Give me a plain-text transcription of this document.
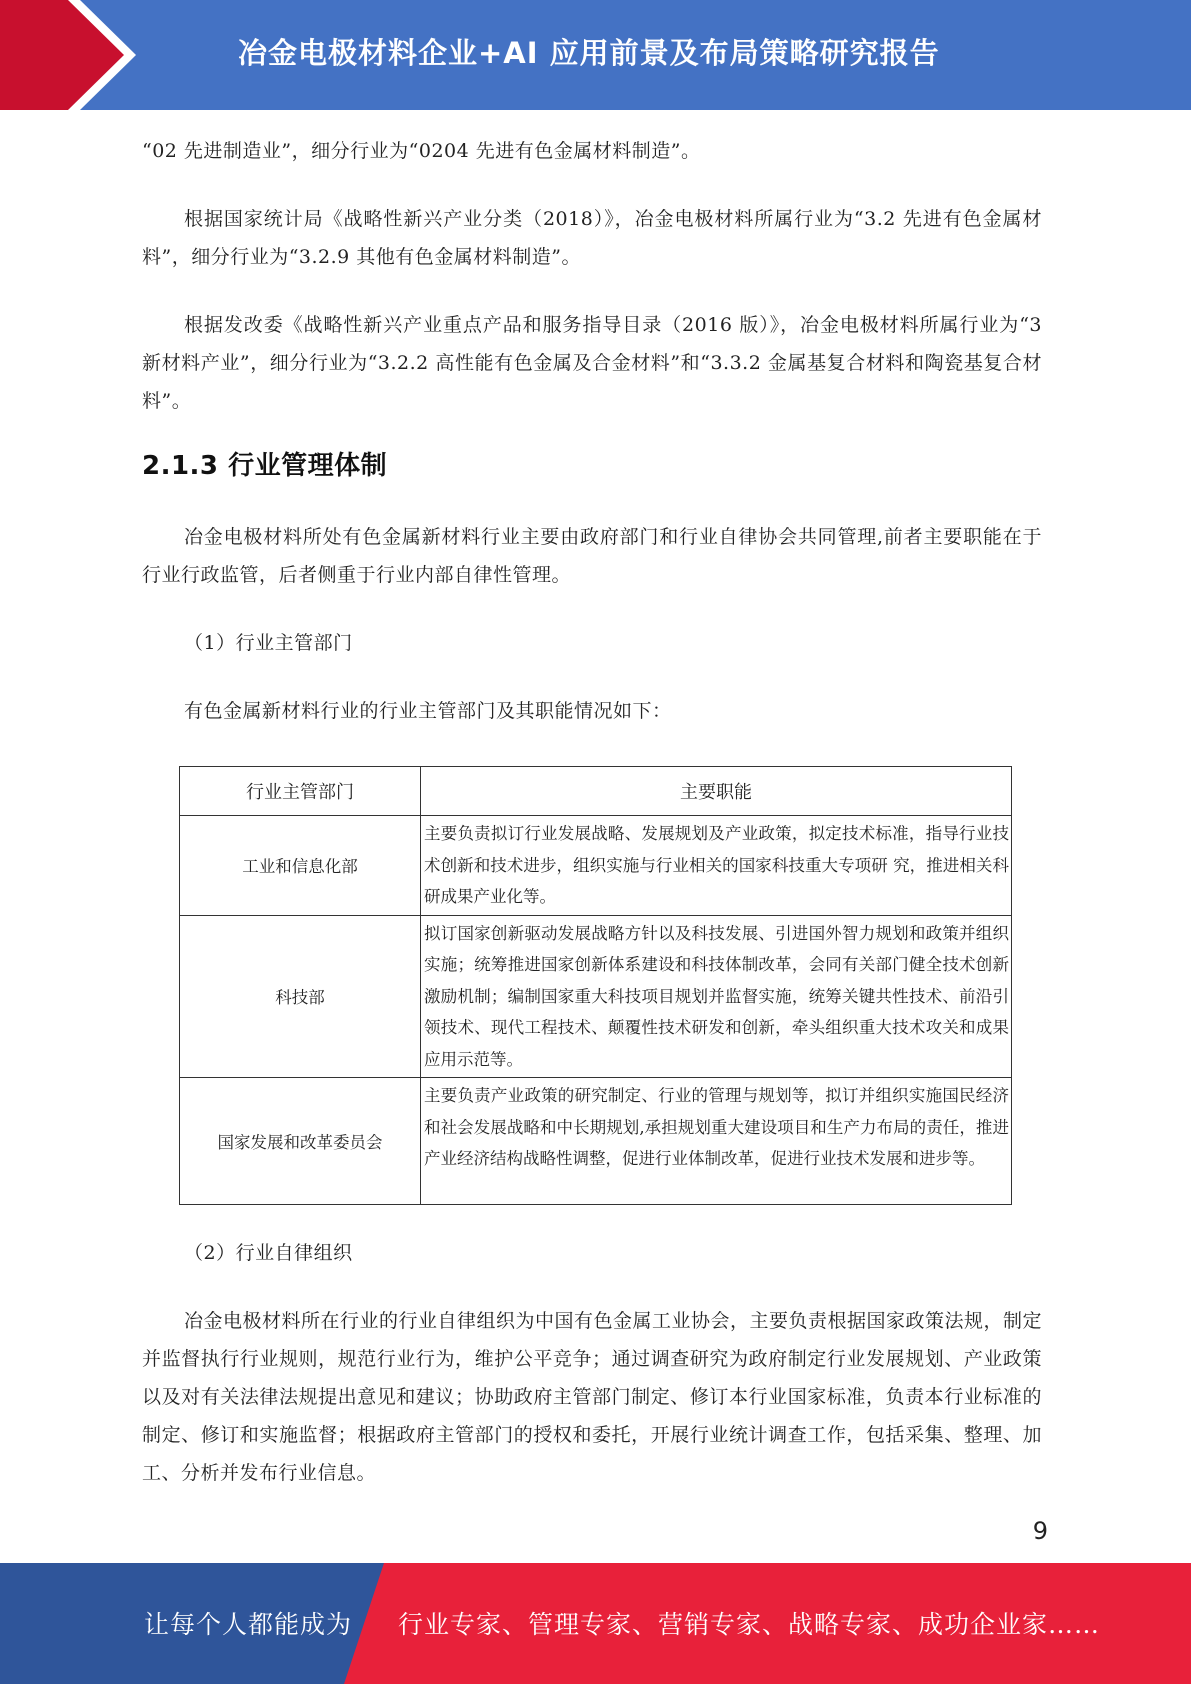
冶金电极材料企业+AI 应用前景及布局策略研究报告

“02 先进制造业”，细分行业为“0204 先进有色金属材料制造”。

根据国家统计局《战略性新兴产业分类（2018）》，冶金电极材料所属行业为“3.2 先进有色金属材料”，细分行业为“3.2.9 其他有色金属材料制造”。

根据发改委《战略性新兴产业重点产品和服务指导目录（2016 版）》，冶金电极材料所属行业为“3 新材料产业”，细分行业为“3.2.2 高性能有色金属及合金材料”和“3.3.2 金属基复合材料和陶瓷基复合材料”。

2.1.3 行业管理体制

冶金电极材料所处有色金属新材料行业主要由政府部门和行业自律协会共同管理,前者主要职能在于行业行政监管，后者侧重于行业内部自律性管理。

（1）行业主管部门

有色金属新材料行业的行业主管部门及其职能情况如下：

行业主管部门	主要职能
工业和信息化部	主要负责拟订行业发展战略、发展规划及产业政策，拟定技术标准，指导行业技术创新和技术进步，组织实施与行业相关的国家科技重大专项研 究，推进相关科研成果产业化等。
科技部	拟订国家创新驱动发展战略方针以及科技发展、引进国外智力规划和政策并组织实施；统筹推进国家创新体系建设和科技体制改革，会同有关部门健全技术创新激励机制；编制国家重大科技项目规划并监督实施，统筹关键共性技术、前沿引领技术、现代工程技术、颠覆性技术研发和创新，牵头组织重大技术攻关和成果应用示范等。
国家发展和改革委员会	主要负责产业政策的研究制定、行业的管理与规划等，拟订并组织实施国民经济和社会发展战略和中长期规划,承担规划重大建设项目和生产力布局的责任，推进产业经济结构战略性调整，促进行业体制改革，促进行业技术发展和进步等。

（2）行业自律组织

冶金电极材料所在行业的行业自律组织为中国有色金属工业协会，主要负责根据国家政策法规，制定并监督执行行业规则，规范行业行为，维护公平竞争；通过调查研究为政府制定行业发展规划、产业政策以及对有关法律法规提出意见和建议；协助政府主管部门制定、修订本行业国家标准，负责本行业标准的制定、修订和实施监督；根据政府主管部门的授权和委托，开展行业统计调查工作，包括采集、整理、加工、分析并发布行业信息。

9
让每个人都能成为 行业专家、管理专家、营销专家、战略专家、成功企业家……
